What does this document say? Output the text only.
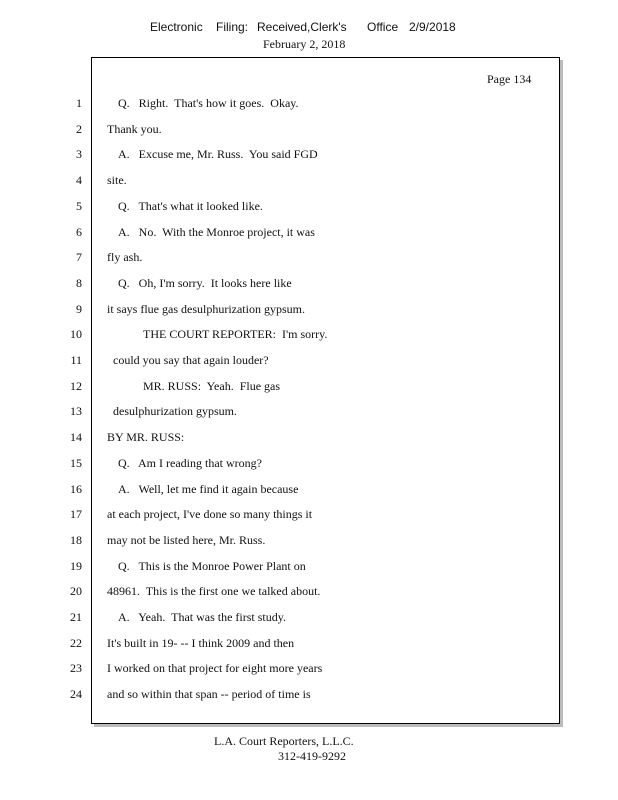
Electronic Filing: Received,Clerk's Office 2/9/2018
February 2, 2018
Page 134
1	Q.   Right.  That's how it goes.  Okay.
2 Thank you.
3	A.   Excuse me, Mr. Russ.  You said FGD
4 site.
5	Q.   That's what it looked like.
6	A.   No.  With the Monroe project, it was
7 fly ash.
8	Q.   Oh, I'm sorry.  It looks here like
9 it says flue gas desulphurization gypsum.
10	THE COURT REPORTER:  I'm sorry.
11	could you say that again louder?
12	MR. RUSS:  Yeah.  Flue gas
13	desulphurization gypsum.
14 BY MR. RUSS:
15	Q.   Am I reading that wrong?
16	A.   Well, let me find it again because
17 at each project, I've done so many things it
18 may not be listed here, Mr. Russ.
19	Q.   This is the Monroe Power Plant on
20 48961.  This is the first one we talked about.
21	A.   Yeah.  That was the first study.
22 It's built in 19- -- I think 2009 and then
23 I worked on that project for eight more years
24 and so within that span -- period of time is
L.A. Court Reporters, L.L.C.
312-419-9292
